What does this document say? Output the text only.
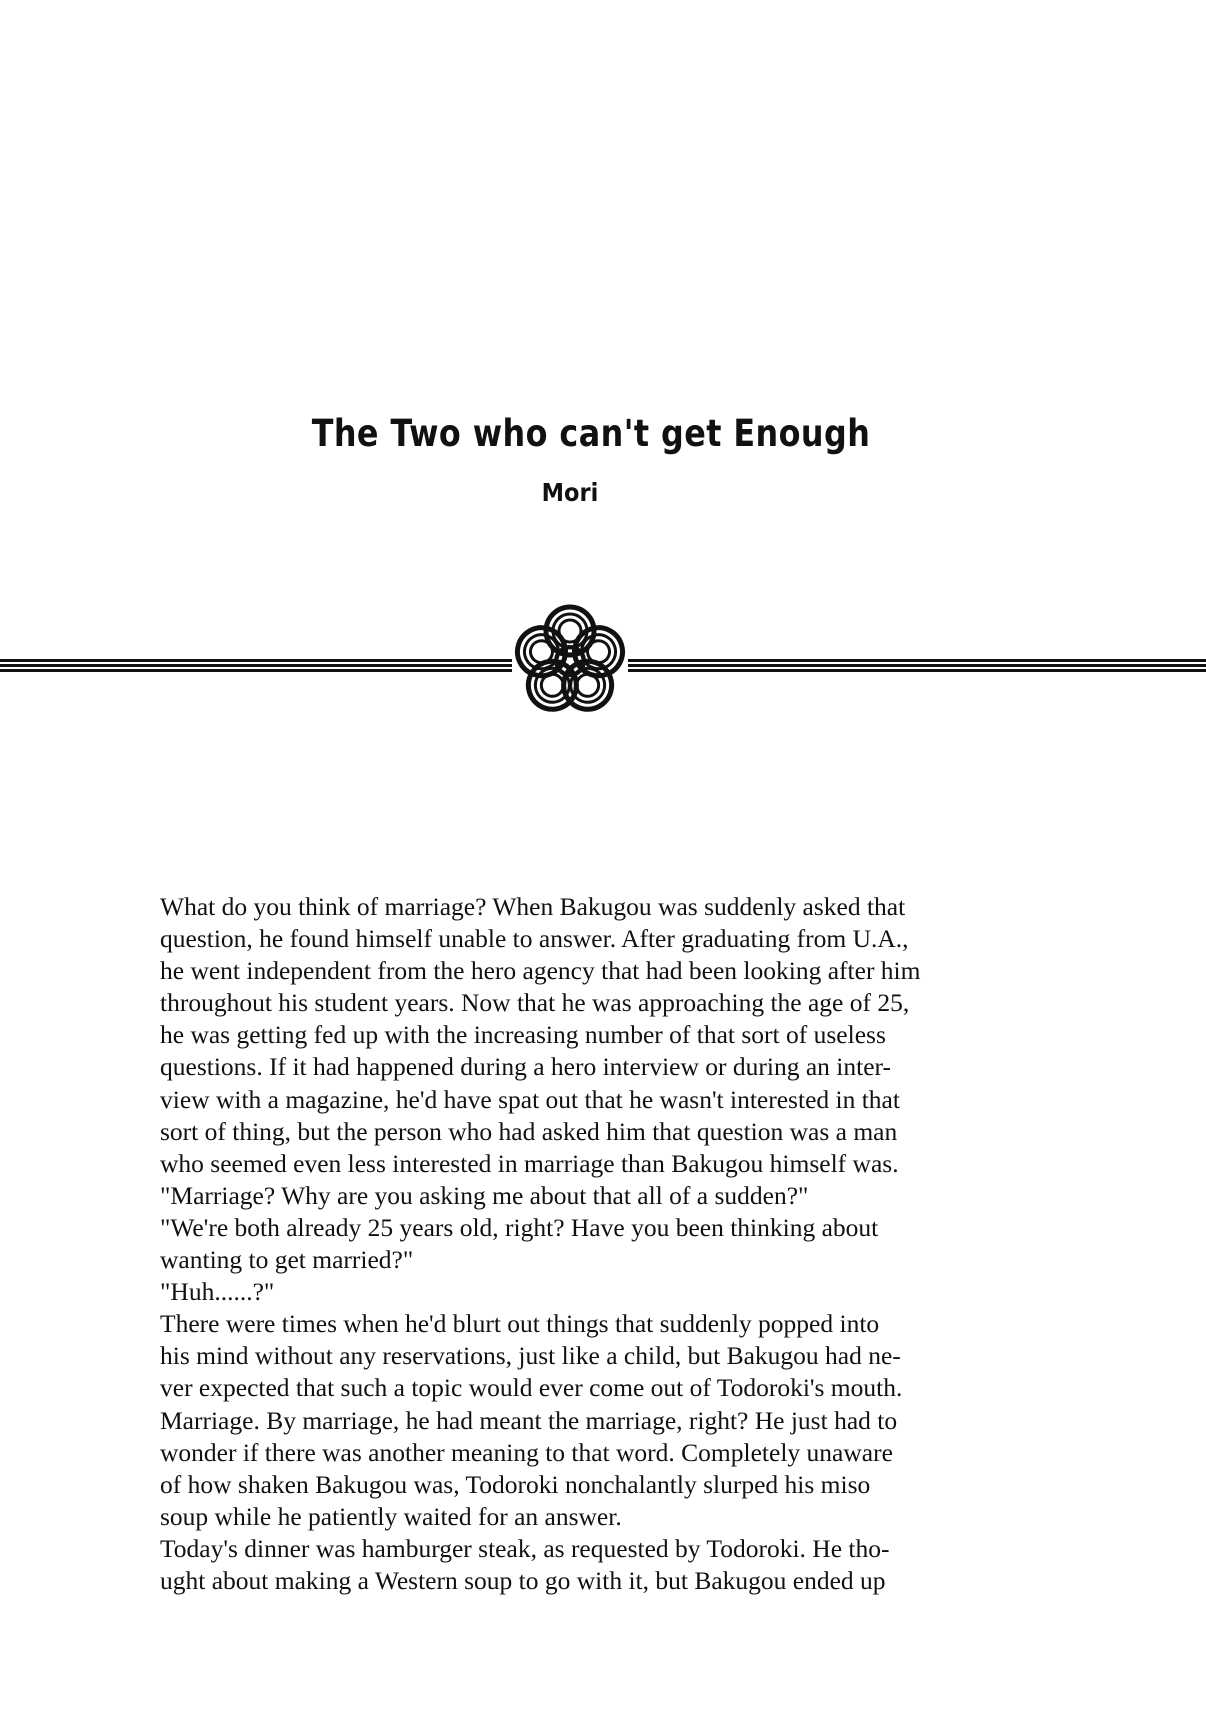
The Two who can't get Enough
Mori
What do you think of marriage? When Bakugou was suddenly asked that
question, he found himself unable to answer. After graduating from U.A.,
he went independent from the hero agency that had been looking after him
throughout his student years. Now that he was approaching the age of 25,
he was getting fed up with the increasing number of that sort of useless
questions. If it had happened during a hero interview or during an inter-
view with a magazine, he'd have spat out that he wasn't interested in that
sort of thing, but the person who had asked him that question was a man
who seemed even less interested in marriage than Bakugou himself was.
"Marriage? Why are you asking me about that all of a sudden?"
"We're both already 25 years old, right? Have you been thinking about
wanting to get married?"
"Huh......?"
There were times when he'd blurt out things that suddenly popped into
his mind without any reservations, just like a child, but Bakugou had ne-
ver expected that such a topic would ever come out of Todoroki's mouth.
Marriage. By marriage, he had meant the marriage, right? He just had to
wonder if there was another meaning to that word. Completely unaware
of how shaken Bakugou was, Todoroki nonchalantly slurped his miso
soup while he patiently waited for an answer.
Today's dinner was hamburger steak, as requested by Todoroki. He tho-
ught about making a Western soup to go with it, but Bakugou ended up
